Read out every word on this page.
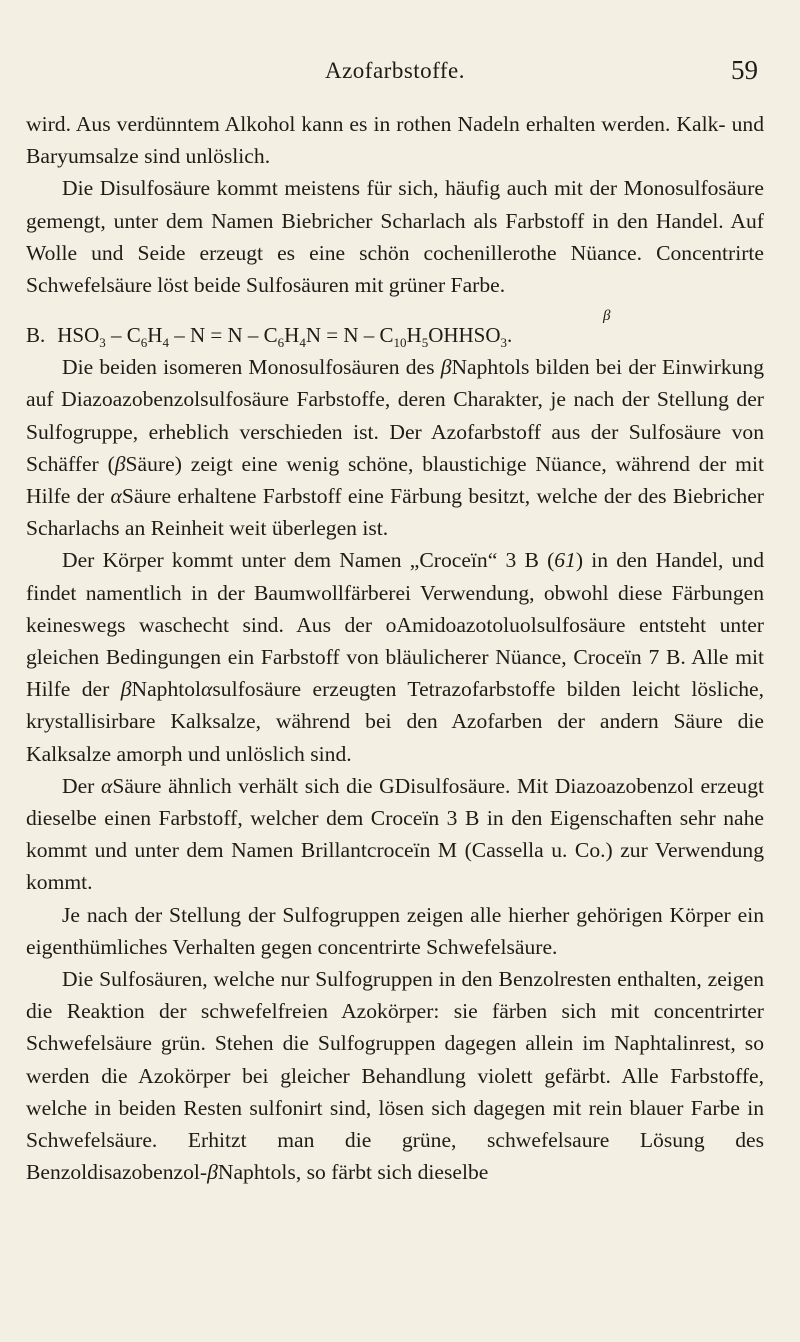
Azofarbstoffe.	59

wird. Aus verdünntem Alkohol kann es in rothen Nadeln erhalten werden. Kalk- und Baryumsalze sind unlöslich.

Die Disulfosäure kommt meistens für sich, häufig auch mit der Monosulfosäure gemengt, unter dem Namen Biebricher Scharlach als Farbstoff in den Handel. Auf Wolle und Seide erzeugt es eine schön cochenillerothe Nüance. Concentrirte Schwefelsäure löst beide Sulfosäuren mit grüner Farbe.

β
B. $HSO_3 - C_6H_4 - N = N - C_6H_4N = N$ – $C_{10}H_5OHHSO_3$.

Die beiden isomeren Monosulfosäuren des βNaphtols bilden bei der Einwirkung auf Diazoazobenzolsulfosäure Farbstoffe, deren Charakter, je nach der Stellung der Sulfogruppe, erheblich verschieden ist. Der Azofarbstoff aus der Sulfosäure von Schäffer (βSäure) zeigt eine wenig schöne, blaustichige Nüance, während der mit Hilfe der αSäure erhaltene Farbstoff eine Färbung besitzt, welche der des Biebricher Scharlachs an Reinheit weit überlegen ist.

Der Körper kommt unter dem Namen „Croceïn“ 3 B (61) in den Handel, und findet namentlich in der Baumwollfärberei Verwendung, obwohl diese Färbungen keineswegs waschecht sind. Aus der oAmidoazotoluolsulfosäure entsteht unter gleichen Bedingungen ein Farbstoff von bläulicherer Nüance, Croceïn 7 B. Alle mit Hilfe der βNaphtolαsulfosäure erzeugten Tetrazofarbstoffe bilden leicht lösliche, krystallisirbare Kalksalze, während bei den Azofarben der andern Säure die Kalksalze amorph und unlöslich sind.

Der αSäure ähnlich verhält sich die GDisulfosäure. Mit Diazoazobenzol erzeugt dieselbe einen Farbstoff, welcher dem Croceïn 3 B in den Eigenschaften sehr nahe kommt und unter dem Namen Brillantcroceïn M (Cassella u. Co.) zur Verwendung kommt.

Je nach der Stellung der Sulfogruppen zeigen alle hierher gehörigen Körper ein eigenthümliches Verhalten gegen concentrirte Schwefelsäure.

Die Sulfosäuren, welche nur Sulfogruppen in den Benzolresten enthalten, zeigen die Reaktion der schwefelfreien Azokörper: sie färben sich mit concentrirter Schwefelsäure grün. Stehen die Sulfogruppen dagegen allein im Naphtalinrest, so werden die Azokörper bei gleicher Behandlung violett gefärbt. Alle Farbstoffe, welche in beiden Resten sulfonirt sind, lösen sich dagegen mit rein blauer Farbe in Schwefelsäure. Erhitzt man die grüne, schwefelsaure Lösung des Benzoldisazobenzol-βNaphtols, so färbt sich dieselbe
